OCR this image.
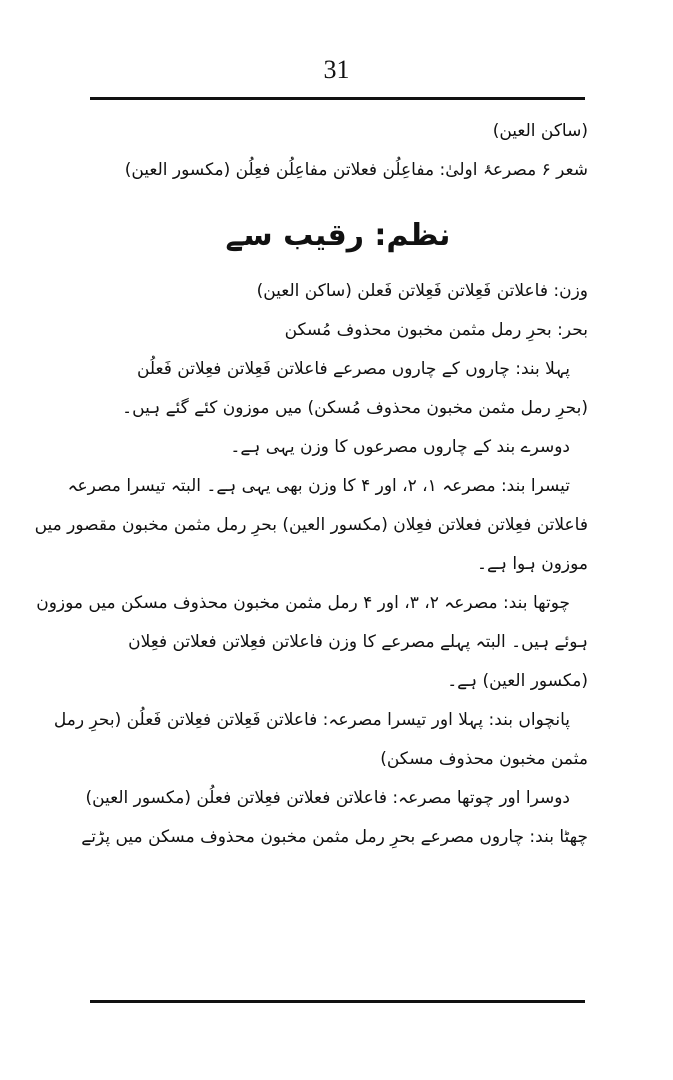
31
(ساکن العین)
شعر ۶ مصرعۂ اولیٰ: مفاعِلُن فعلاتن مفاعِلُن فعِلُن (مکسور العین)
نظم: رقیب سے
وزن: فاعلاتن فَعِلاتن فَعِلاتن فَعلن (ساکن العین)
بحر: بحرِ رمل مثمن مخبون محذوف مُسکن
پہلا بند: چاروں کے چاروں مصرعے فاعلاتن فَعِلاتن فعِلاتن فَعلُن
(بحرِ رمل مثمن مخبون محذوف مُسکن) میں موزون کئے گئے ہیں۔
دوسرے بند کے چاروں مصرعوں کا وزن یہی ہے۔
تیسرا بند: مصرعہ ۱، ۲، اور ۴ کا وزن بھی یہی ہے۔ البتہ تیسرا مصرعہ
فاعلاتن فعِلاتن فعلاتن فعِلان (مکسور العین) بحرِ رمل مثمن مخبون مقصور میں
موزون ہوا ہے۔
چوتھا بند: مصرعہ ۲، ۳، اور ۴ رمل مثمن مخبون محذوف مسکن میں موزون
ہوئے ہیں۔ البتہ پہلے مصرعے کا وزن فاعلاتن فعِلاتن فعلاتن فعِلان
(مکسور العین) ہے۔
پانچواں بند: پہلا اور تیسرا مصرعہ: فاعلاتن فَعِلاتن فعِلاتن فَعلُن (بحرِ رمل
مثمن مخبون محذوف مسکن)
دوسرا اور چوتھا مصرعہ: فاعلاتن فعلاتن فعِلاتن فعلُن (مکسور العین)
چھٹا بند: چاروں مصرعے بحرِ رمل مثمن مخبون محذوف مسکن میں پڑتے
